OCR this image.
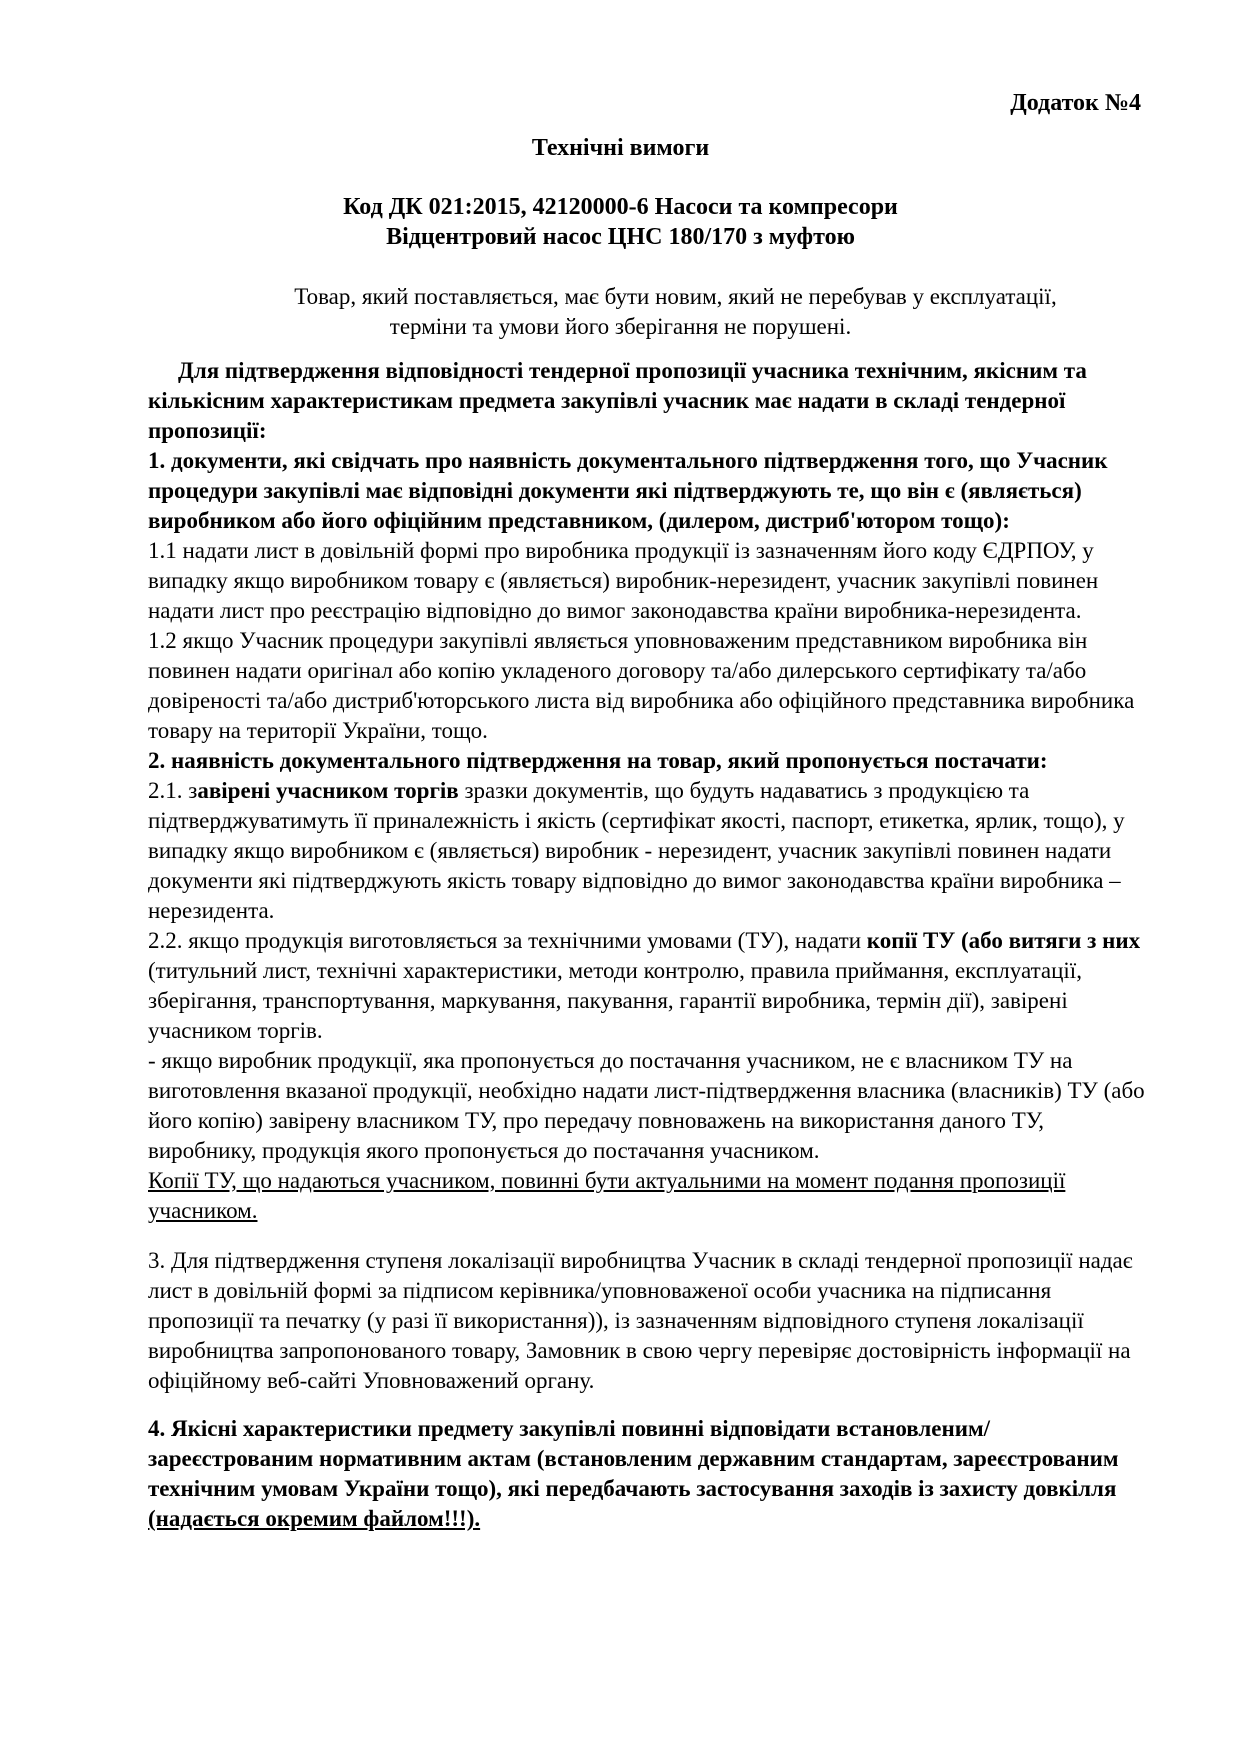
Додаток №4
Технічні вимоги
Код ДК 021:2015, 42120000-6 Насоси та компресори
Відцентровий насос ЦНС 180/170 з муфтою
Товар, який поставляється, має бути новим, який не перебував у експлуатації,
терміни та умови його зберігання не порушені.
Для підтвердження відповідності тендерної пропозиції учасника технічним, якісним та кількісним характеристикам предмета закупівлі учасник має надати в складі тендерної пропозиції:
1. документи, які свідчать про наявність документального підтвердження того, що Учасник процедури закупівлі має відповідні документи які підтверджують те, що він є (являється) виробником або його офіційним представником, (дилером, дистриб'ютором тощо):
1.1 надати лист в довільній формі про виробника продукції із зазначенням його коду ЄДРПОУ, у випадку якщо виробником товару є (являється) виробник-нерезидент, учасник закупівлі повинен надати лист про реєстрацію відповідно до вимог законодавства країни виробника-нерезидента.
1.2 якщо Учасник процедури закупівлі являється уповноваженим представником виробника він повинен надати оригінал або копію укладеного договору та/або дилерського сертифікату та/або довіреності та/або дистриб'юторського листа від виробника або офіційного представника виробника товару на території України, тощо.
2. наявність документального підтвердження на товар, який пропонується постачати:
2.1. завірені учасником торгів зразки документів, що будуть надаватись з продукцією та підтверджуватимуть її приналежність і якість (сертифікат якості, паспорт, етикетка, ярлик, тощо), у випадку якщо виробником є (являється) виробник - нерезидент, учасник закупівлі повинен надати документи які підтверджують якість товару відповідно до вимог законодавства країни виробника – нерезидента.
2.2. якщо продукція виготовляється за технічними умовами (ТУ), надати копії ТУ (або витяги з них (титульний лист, технічні характеристики, методи контролю, правила приймання, експлуатації, зберігання, транспортування, маркування, пакування, гарантії виробника, термін дії), завірені учасником торгів.
- якщо виробник продукції, яка пропонується до постачання учасником, не є власником ТУ на виготовлення вказаної продукції, необхідно надати лист-підтвердження власника (власників) ТУ (або його копію) завірену власником ТУ, про передачу повноважень на використання даного ТУ, виробнику, продукція якого пропонується до постачання учасником.
Копії ТУ, що надаються учасником, повинні бути актуальними на момент подання пропозиції учасником.
3. Для підтвердження ступеня локалізації виробництва Учасник в складі тендерної пропозиції надає лист в довільній формі за підписом керівника/уповноваженої особи учасника на підписання пропозиції та печатку (у разі її використання)), із зазначенням відповідного ступеня локалізації виробництва запропонованого товару, Замовник в свою чергу перевіряє достовірність інформації на офіційному веб-сайті Уповноважений органу.
4. Якісні характеристики предмету закупівлі повинні відповідати встановленим/зареєстрованим нормативним актам (встановленим державним стандартам, зареєстрованим технічним умовам України тощо), які передбачають застосування заходів із захисту довкілля (надається окремим файлом!!!).
